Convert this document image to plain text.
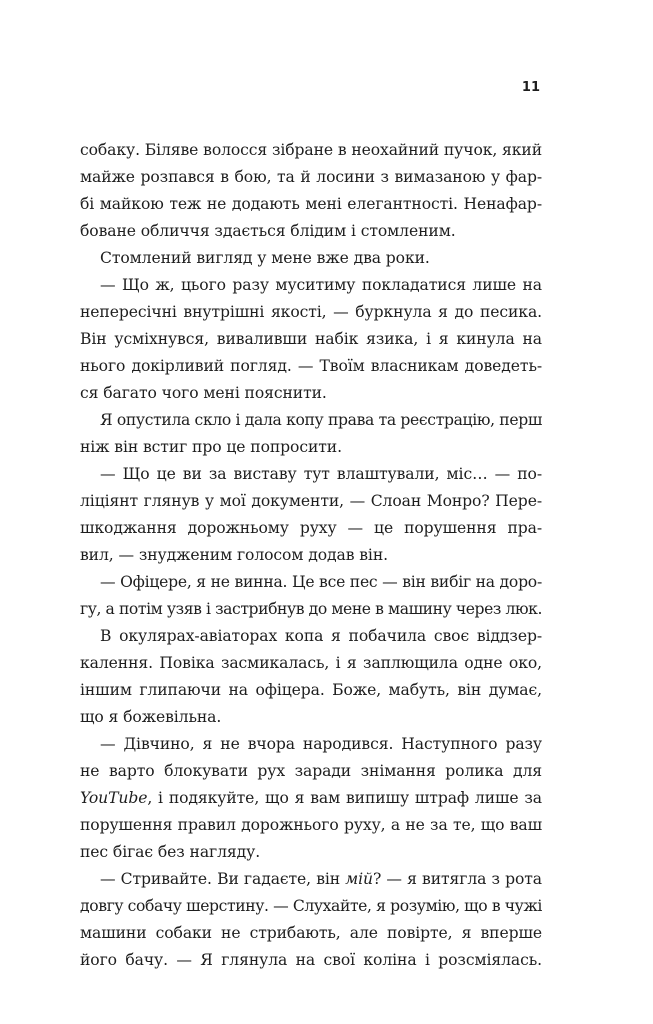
11
собаку. Біляве волосся зібране в неохайний пучок, який
майже розпався в бою, та й лосини з вимазаною у фар-
бі майкою теж не додають мені елегантності. Ненафар-
боване обличчя здається блідим і стомленим.
Стомлений вигляд у мене вже два роки.
— Що ж, цього разу муситиму покладатися лише на
непересічні внутрішні якості, — буркнула я до песика.
Він усміхнувся, виваливши набік язика, і я кинула на
нього докірливий погляд. — Твоїм власникам доведеть-
ся багато чого мені пояснити.
Я опустила скло і дала копу права та реєстрацію, перш
ніж він встиг про це попросити.
— Що це ви за виставу тут влаштували, міс… — по-
ліціянт глянув у мої документи, — Слоан Монро? Пере-
шкоджання дорожньому руху — це порушення пра-
вил, — знудженим голосом додав він.
— Офіцере, я не винна. Це все пес — він вибіг на доро-
гу, а потім узяв і застрибнув до мене в машину через люк.
В окулярах-авіаторах копа я побачила своє віддзер-
калення. Повіка засмикалась, і я заплющила одне око,
іншим глипаючи на офіцера. Боже, мабуть, він думає,
що я божевільна.
— Дівчино, я не вчора народився. Наступного разу
не варто блокувати рух заради знімання ролика для
YouTube, і подякуйте, що я вам випишу штраф лише за
порушення правил дорожнього руху, а не за те, що ваш
пес бігає без нагляду.
— Стривайте. Ви гадаєте, він мій? — я витягла з рота
довгу собачу шерстину. — Слухайте, я розумію, що в чужі
машини собаки не стрибають, але повірте, я вперше
його бачу. — Я глянула на свої коліна і розсміялась.
